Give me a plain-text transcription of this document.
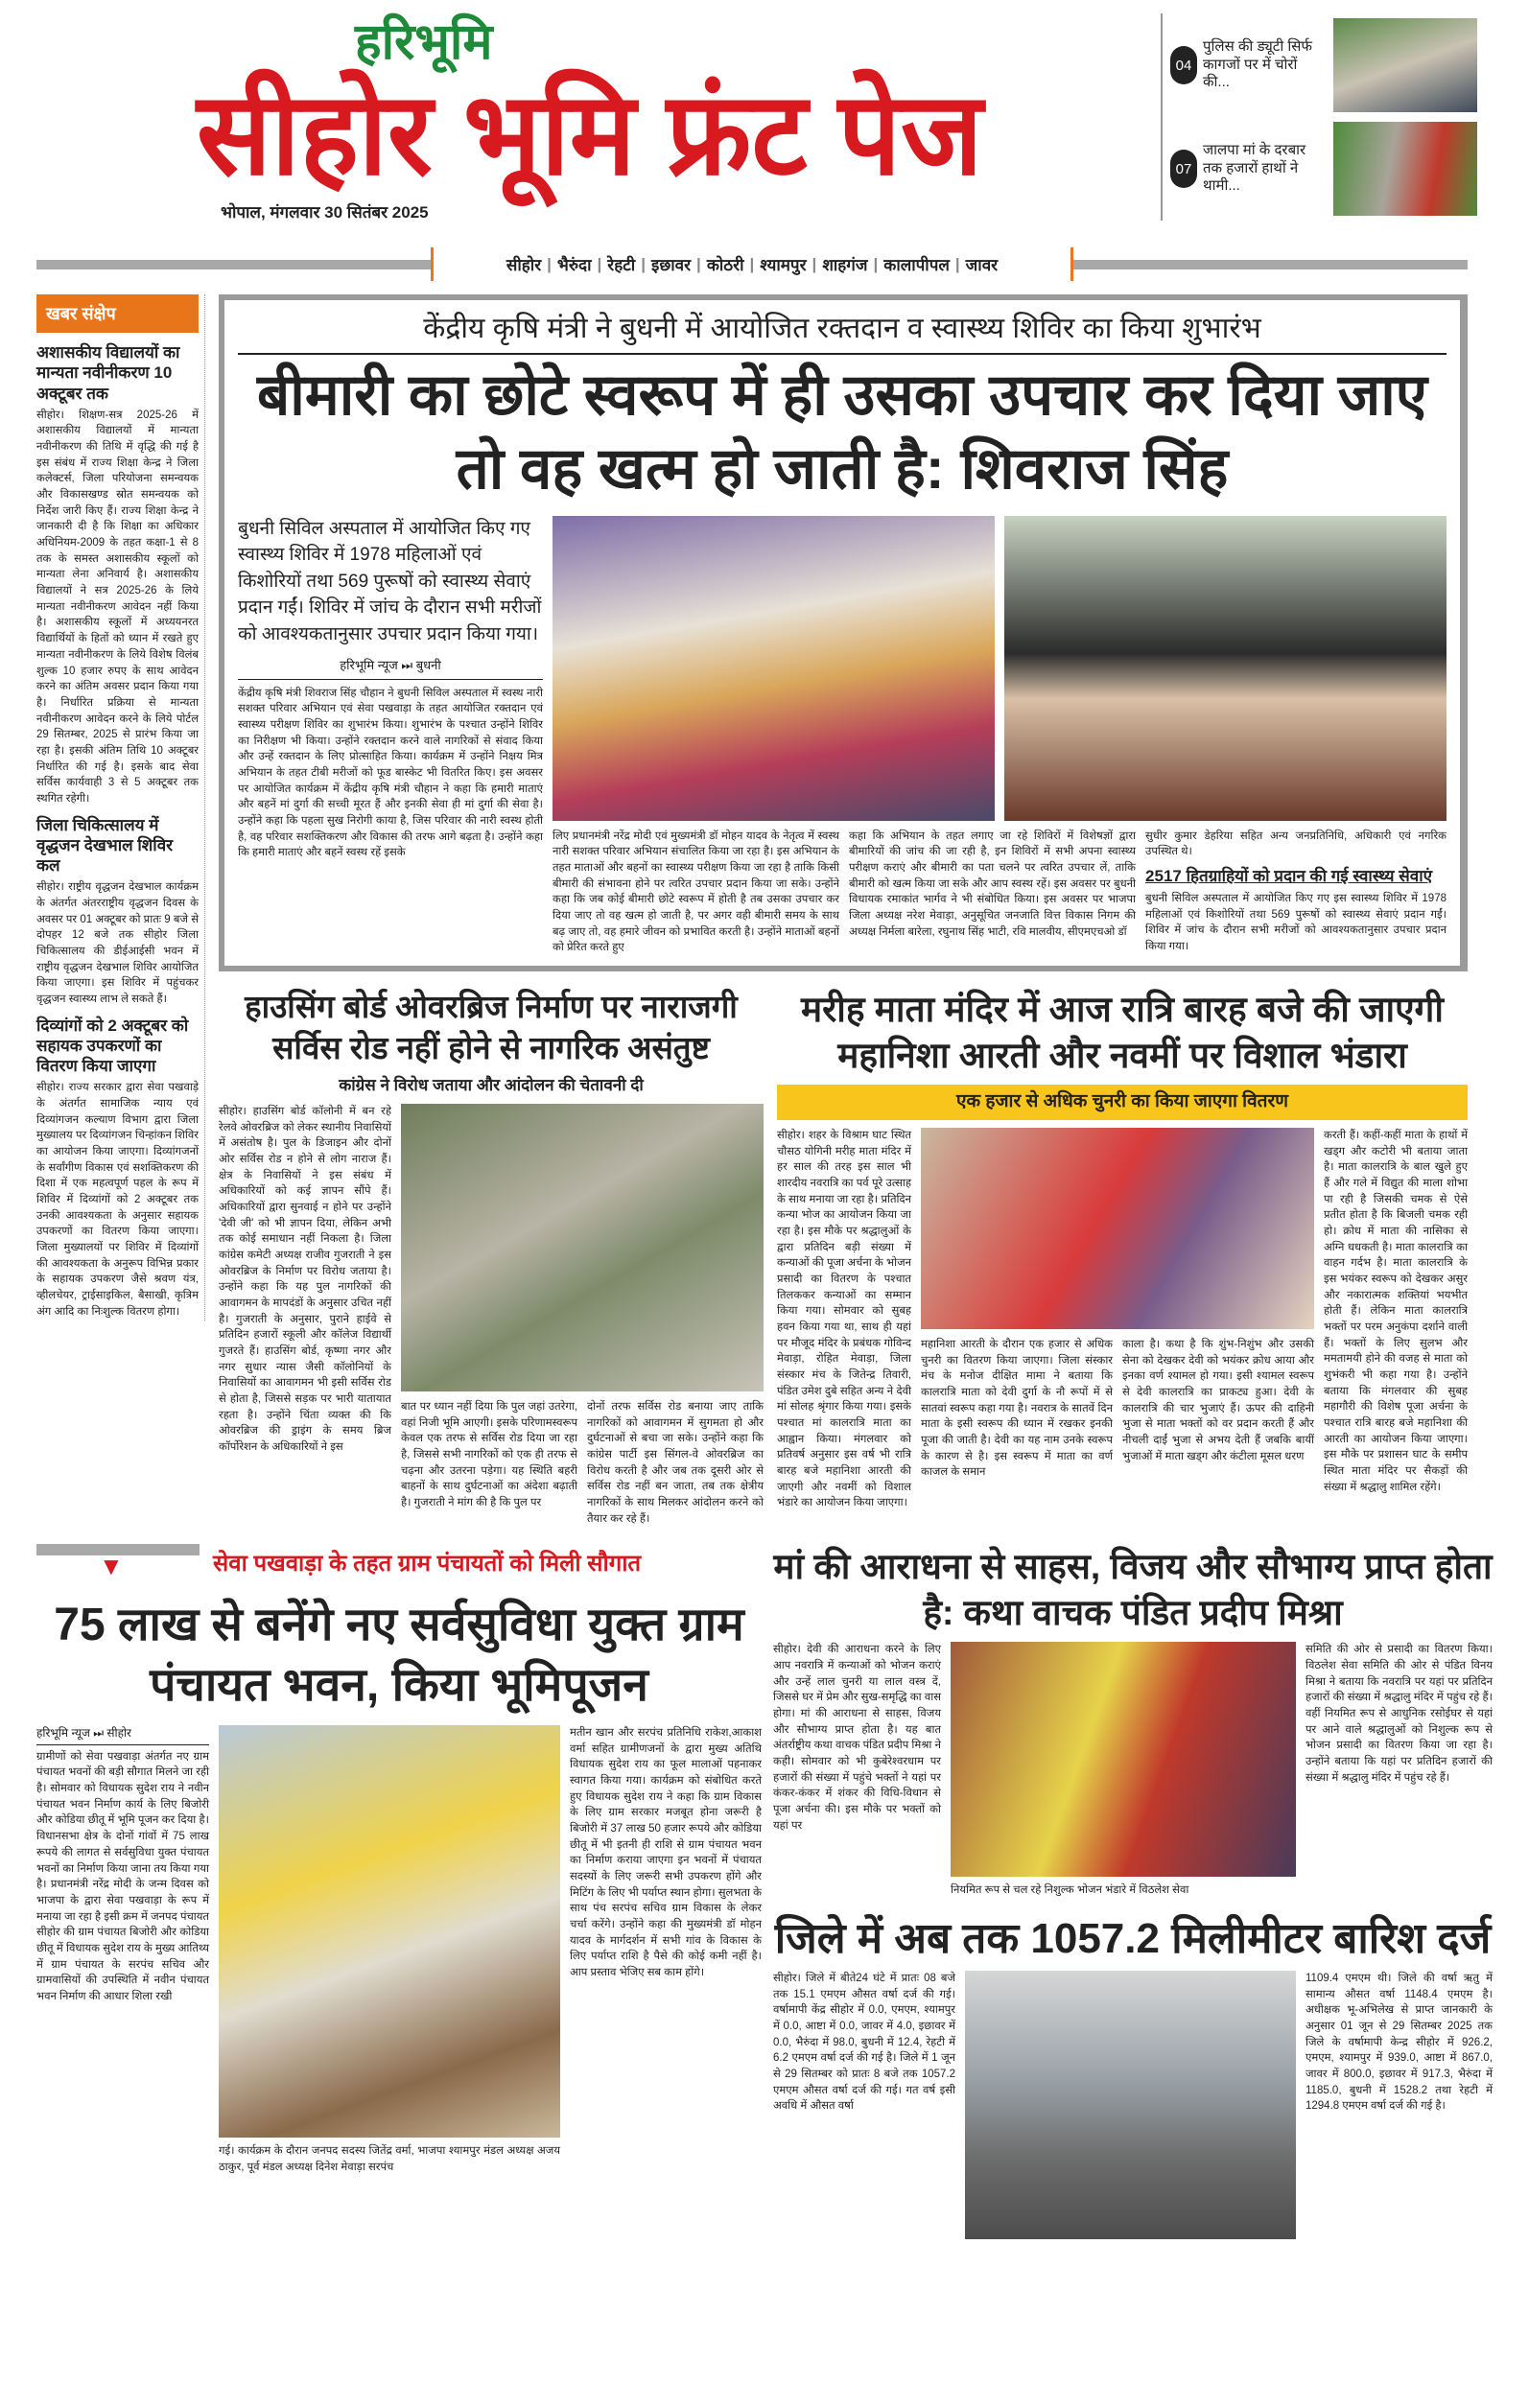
हरिभूमि
सीहोर भूमि फ्रंट पेज
भोपाल, मंगलवार 30 सितंबर 2025
04
पुलिस की ड्यूटी सिर्फ कागजों पर में चोरों की...
07
जालपा मां के दरबार तक हजारों हाथों ने थामी...
सीहोर | भैरुंदा | रेहटी | इछावर | कोठरी | श्यामपुर | शाहगंज | कालापीपल | जावर
खबर संक्षेप
अशासकीय विद्यालयों का मान्यता नवीनीकरण 10 अक्टूबर तक
सीहोर। शिक्षण-सत्र 2025-26 में अशासकीय विद्यालयों में मान्यता नवीनीकरण की तिथि में वृद्धि की गई है इस संबंध में राज्य शिक्षा केन्द्र ने जिला कलेक्टर्स, जिला परियोजना समन्वयक और विकासखण्ड स्रोत समन्वयक को निर्देश जारी किए हैं। राज्य शिक्षा केन्द्र ने जानकारी दी है कि शिक्षा का अधिकार अधिनियम-2009 के तहत कक्षा-1 से 8 तक के समस्त अशासकीय स्कूलों को मान्यता लेना अनिवार्य है। अशासकीय विद्यालयों ने सत्र 2025-26 के लिये मान्यता नवीनीकरण आवेदन नहीं किया है। अशासकीय स्कूलों में अध्ययनरत विद्यार्थियों के हितों को ध्यान में रखते हुए मान्यता नवीनीकरण के लिये विशेष विलंब शुल्क 10 हजार रुपए के साथ आवेदन करने का अंतिम अवसर प्रदान किया गया है। निर्धारित प्रक्रिया से मान्यता नवीनीकरण आवेदन करने के लिये पोर्टल 29 सितम्बर, 2025 से प्रारंभ किया जा रहा है। इसकी अंतिम तिथि 10 अक्टूबर निर्धारित की गई है। इसके बाद सेवा सर्विस कार्यवाही 3 से 5 अक्टूबर तक स्थगित रहेगी।
जिला चिकित्सालय में वृद्धजन देखभाल शिविर कल
सीहोर। राष्ट्रीय वृद्धजन देखभाल कार्यक्रम के अंतर्गत अंतरराष्ट्रीय वृद्धजन दिवस के अवसर पर 01 अक्टूबर को प्रातः 9 बजे से दोपहर 12 बजे तक सीहोर जिला चिकित्सालय की डीईआईसी भवन में राष्ट्रीय वृद्धजन देखभाल शिविर आयोजित किया जाएगा। इस शिविर में पहुंचकर वृद्धजन स्वास्थ्य लाभ ले सकते हैं।
दिव्यांगों को 2 अक्टूबर को सहायक उपकरणों का वितरण किया जाएगा
सीहोर। राज्य सरकार द्वारा सेवा पखवाड़े के अंतर्गत सामाजिक न्याय एवं दिव्यांगजन कल्याण विभाग द्वारा जिला मुख्यालय पर दिव्यांगजन चिन्हांकन शिविर का आयोजन किया जाएगा। दिव्यांगजनों के सर्वांगीण विकास एवं सशक्तिकरण की दिशा में एक महत्वपूर्ण पहल के रूप में शिविर में दिव्यांगों को 2 अक्टूबर तक उनकी आवश्यकता के अनुसार सहायक उपकरणों का वितरण किया जाएगा। जिला मुख्यालयों पर शिविर में दिव्यांगों की आवश्यकता के अनुरूप विभिन्न प्रकार के सहायक उपकरण जैसे श्रवण यंत्र, व्हीलचेयर, ट्राईसाइकिल, बैसाखी, कृत्रिम अंग आदि का निःशुल्क वितरण होगा।
केंद्रीय कृषि मंत्री ने बुधनी में आयोजित रक्तदान व स्वास्थ्य शिविर का किया शुभारंभ
बीमारी का छोटे स्वरूप में ही उसका उपचार कर दिया जाए तो वह खत्म हो जाती है: शिवराज सिंह
बुधनी सिविल अस्पताल में आयोजित किए गए स्वास्थ्य शिविर में 1978 महिलाओं एवं किशोरियों तथा 569 पुरूषों को स्वास्थ्य सेवाएं प्रदान गईं। शिविर में जांच के दौरान सभी मरीजों को आवश्यकतानुसार उपचार प्रदान किया गया।
हरिभूमि न्यूज ⏭ बुधनी
केंद्रीय कृषि मंत्री शिवराज सिंह चौहान ने बुधनी सिविल अस्पताल में स्वस्थ नारी सशक्त परिवार अभियान एवं सेवा पखवाड़ा के तहत आयोजित रक्तदान एवं स्वास्थ्य परीक्षण शिविर का शुभारंभ किया। शुभारंभ के पश्चात उन्होंने शिविर का निरीक्षण भी किया। उन्होंने रक्तदान करने वाले नागरिकों से संवाद किया और उन्हें रक्तदान के लिए प्रोत्साहित किया। कार्यक्रम में उन्होंने निक्षय मित्र अभियान के तहत टीबी मरीजों को फूड बास्केट भी वितरित किए। इस अवसर पर आयोजित कार्यक्रम में केंद्रीय कृषि मंत्री चौहान ने कहा कि हमारी माताएं और बहनें मां दुर्गा की सच्ची मूरत हैं और इनकी सेवा ही मां दुर्गा की सेवा है। उन्होंने कहा कि पहला सुख निरोगी काया है, जिस परिवार की नारी स्वस्थ होती है, वह परिवार सशक्तिकरण और विकास की तरफ आगे बढ़ता है। उन्होंने कहा कि हमारी माताएं और बहनें स्वस्थ रहें इसके
लिए प्रधानमंत्री नरेंद्र मोदी एवं मुख्यमंत्री डॉ मोहन यादव के नेतृत्व में स्वस्थ नारी सशक्त परिवार अभियान संचालित किया जा रहा है। इस अभियान के तहत माताओं और बहनों का स्वास्थ्य परीक्षण किया जा रहा है ताकि किसी बीमारी की संभावना होने पर त्वरित उपचार प्रदान किया जा सके। उन्होंने कहा कि जब कोई बीमारी छोटे स्वरूप में होती है तब उसका उपचार कर दिया जाए तो वह खत्म हो जाती है, पर अगर वही बीमारी समय के साथ बढ़ जाए तो, वह हमारे जीवन को प्रभावित करती है। उन्होंने माताओं बहनों को प्रेरित करते हुए
कहा कि अभियान के तहत लगाए जा रहे शिविरों में विशेषज्ञों द्वारा बीमारियों की जांच की जा रही है, इन शिविरों में सभी अपना स्वास्थ्य परीक्षण कराएं और बीमारी का पता चलने पर त्वरित उपचार लें, ताकि बीमारी को खत्म किया जा सके और आप स्वस्थ रहें। इस अवसर पर बुधनी विधायक रमाकांत भार्गव ने भी संबोधित किया। इस अवसर पर भाजपा जिला अध्यक्ष नरेश मेवाड़ा, अनुसूचित जनजाति वित्त विकास निगम की अध्यक्ष निर्मला बारेला, रघुनाथ सिंह भाटी, रवि मालवीय, सीएमएचओ डॉ
सुधीर कुमार डेहरिया सहित अन्य जनप्रतिनिधि, अधिकारी एवं नगरिक उपस्थित थे।
2517 हितग्राहियों को प्रदान की गई स्वास्थ्य सेवाएं
बुधनी सिविल अस्पताल में आयोजित किए गए इस स्वास्थ्य शिविर में 1978 महिलाओं एवं किशोरियों तथा 569 पुरूषों को स्वास्थ्य सेवाएं प्रदान गईं। शिविर में जांच के दौरान सभी मरीजों को आवश्यकतानुसार उपचार प्रदान किया गया।
हाउसिंग बोर्ड ओवरब्रिज निर्माण पर नाराजगी सर्विस रोड नहीं होने से नागरिक असंतुष्ट
कांग्रेस ने विरोध जताया और आंदोलन की चेतावनी दी
सीहोर। हाउसिंग बोर्ड कॉलोनी में बन रहे रेलवे ओवरब्रिज को लेकर स्थानीय निवासियों में असंतोष है। पुल के डिजाइन और दोनों ओर सर्विस रोड न होने से लोग नाराज हैं। क्षेत्र के निवासियों ने इस संबंध में अधिकारियों को कई ज्ञापन सौंपे हैं। अधिकारियों द्वारा सुनवाई न होने पर उन्होंने 'देवी जी' को भी ज्ञापन दिया, लेकिन अभी तक कोई समाधान नहीं निकला है। जिला कांग्रेस कमेटी अध्यक्ष राजीव गुजराती ने इस ओवरब्रिज के निर्माण पर विरोध जताया है। उन्होंने कहा कि यह पुल नागरिकों की आवागमन के मापदंडों के अनुसार उचित नहीं है। गुजराती के अनुसार, पुराने हाईवे से प्रतिदिन हजारों स्कूली और कॉलेज विद्यार्थी गुजरते हैं। हाउसिंग बोर्ड, कृष्णा नगर और नगर सुधार न्यास जैसी कॉलोनियों के निवासियों का आवागमन भी इसी सर्विस रोड से होता है, जिससे सड़क पर भारी यातायात रहता है। उन्होंने चिंता व्यक्त की कि ओवरब्रिज की ड्राइंग के समय ब्रिज कॉर्पोरेशन के अधिकारियों ने इस
बात पर ध्यान नहीं दिया कि पुल जहां उतरेगा, वहां निजी भूमि आएगी। इसके परिणामस्वरूप केवल एक तरफ से सर्विस रोड दिया जा रहा है, जिससे सभी नागरिकों को एक ही तरफ से चढ़ना और उतरना पड़ेगा। यह स्थिति बहरी बाहनों के साथ दुर्घटनाओं का अंदेशा बढ़ाती है। गुजराती ने मांग की है कि पुल पर
दोनों तरफ सर्विस रोड बनाया जाए ताकि नागरिकों को आवागमन में सुगमता हो और दुर्घटनाओं से बचा जा सके। उन्होंने कहा कि कांग्रेस पार्टी इस सिंगल-वे ओवरब्रिज का विरोध करती है और जब तक दूसरी ओर से सर्विस रोड नहीं बन जाता, तब तक क्षेत्रीय नागरिकों के साथ मिलकर आंदोलन करने को तैयार कर रहे हैं।
मरीह माता मंदिर में आज रात्रि बारह बजे की जाएगी महानिशा आरती और नवमीं पर विशाल भंडारा
एक हजार से अधिक चुनरी का किया जाएगा वितरण
सीहोर। शहर के विश्राम घाट स्थित चौसठ योगिनी मरीह माता मंदिर में हर साल की तरह इस साल भी शारदीय नवरात्रि का पर्व पूरे उत्साह के साथ मनाया जा रहा है। प्रतिदिन कन्या भोज का आयोजन किया जा रहा है। इस मौके पर श्रद्धालुओं के द्वारा प्रतिदिन बड़ी संख्या में कन्याओं की पूजा अर्चना के भोजन प्रसादी का वितरण के पश्चात तिलककर कन्याओं का सम्मान किया गया। सोमवार को सुबह हवन किया गया था, साथ ही यहां पर मौजूद मंदिर के प्रबंधक गोविन्द मेवाड़ा, रोहित मेवाड़ा, जिला संस्कार मंच के जितेन्द्र तिवारी, पंडित उमेश दुबे सहित अन्य ने देवी मां सोलह श्रृंगार किया गया। इसके पश्चात मां कालरात्रि माता का आह्वान किया। मंगलवार को प्रतिवर्ष अनुसार इस वर्ष भी रात्रि बारह बजे महानिशा आरती की जाएगी और नवमीं को विशाल भंडारे का आयोजन किया जाएगा।
महानिशा आरती के दौरान एक हजार से अधिक चुनरी का वितरण किया जाएगा। जिला संस्कार मंच के मनोज दीक्षित मामा ने बताया कि कालरात्रि माता को देवी दुर्गा के नौ रूपों में से सातवां स्वरूप कहा गया है। नवरात्र के सातवें दिन माता के इसी स्वरूप की ध्यान में रखकर इनकी पूजा की जाती है। देवी का यह नाम उनके स्वरूप के कारण से है। इस स्वरूप में माता का वर्ण काजल के समान
काला है। कथा है कि शुंभ-निशुंभ और उसकी सेना को देखकर देवी को भयंकर क्रोध आया और इनका वर्ण श्यामल हो गया। इसी श्यामल स्वरूप से देवी कालरात्रि का प्राकट्य हुआ। देवी के कालरात्रि की चार भुजाएं हैं। ऊपर की दाहिनी भुजा से माता भक्तों को वर प्रदान करती हैं और नीचली दाईं भुजा से अभय देती हैं जबकि बायीं भुजाओं में माता खड्ग और कंटीला मूसल धरण
करती हैं। कहीं-कहीं माता के हाथों में खड्ग और कटोरी भी बताया जाता है। माता कालरात्रि के बाल खुले हुए हैं और गले में विद्युत की माला शोभा पा रही है जिसकी चमक से ऐसे प्रतीत होता है कि बिजली चमक रही हो। क्रोध में माता की नासिका से अग्नि धधकती है। माता कालरात्रि का वाहन गर्दभ है। माता कालरात्रि के इस भयंकर स्वरूप को देखकर असुर और नकारात्मक शक्तियां भयभीत होती हैं। लेकिन माता कालरात्रि भक्तों पर परम अनुकंपा दर्शाने वाली हैं। भक्तों के लिए सुलभ और ममतामयी होने की वजह से माता को शुभंकरी भी कहा गया है। उन्होंने बताया कि मंगलवार की सुबह महागौरी की विशेष पूजा अर्चना के पश्चात रात्रि बारह बजे महानिशा की आरती का आयोजन किया जाएगा। इस मौके पर प्रशासन घाट के समीप स्थित माता मंदिर पर सैकड़ों की संख्या में श्रद्धालु शामिल रहेंगे।
▼	सेवा पखवाड़ा के तहत ग्राम पंचायतों को मिली सौगात
75 लाख से बनेंगे नए सर्वसुविधा युक्त ग्राम पंचायत भवन, किया भूमिपूजन
हरिभूमि न्यूज ⏭ सीहोर
ग्रामीणों को सेवा पखवाड़ा अंतर्गत नए ग्राम पंचायत भवनों की बड़ी सौगात मिलने जा रही है। सोमवार को विधायक सुदेश राय ने नवीन पंचायत भवन निर्माण कार्य के लिए बिजोरी और कोडिया छीतू में भूमि पूजन कर दिया है। विधानसभा क्षेत्र के दोनों गांवों में 75 लाख रूपये की लागत से सर्वसुविधा युक्त पंचायत भवनों का निर्माण किया जाना तय किया गया है। प्रधानमंत्री नरेंद्र मोदी के जन्म दिवस को भाजपा के द्वारा सेवा पखवाड़ा के रूप में मनाया जा रहा है इसी क्रम में जनपद पंचायत सीहोर की ग्राम पंचायत बिजोरी और कोडिया छीतू में विधायक सुदेश राय के मुख्य आतिथ्य में ग्राम पंचायत के सरपंच सचिव और ग्रामवासियों की उपस्थिति में नवीन पंचायत भवन निर्माण की आधार शिला रखी
गई। कार्यक्रम के दौरान जनपद सदस्य जितेंद्र वर्मा, भाजपा श्यामपुर मंडल अध्यक्ष अजय ठाकुर, पूर्व मंडल अध्यक्ष दिनेश मेवाड़ा सरपंच
मतीन खान और सरपंच प्रतिनिधि राकेश,आकाश वर्मा सहित ग्रामीणजनों के द्वारा मुख्य अतिथि विधायक सुदेश राय का फूल मालाओं पहनाकर स्वागत किया गया। कार्यक्रम को संबोधित करते हुए विधायक सुदेश राय ने कहा कि ग्राम विकास के लिए ग्राम सरकार मजबूत होना जरूरी है बिजोरी में 37 लाख 50 हजार रूपये और कोडिया छीतू में भी इतनी ही राशि से ग्राम पंचायत भवन का निर्माण कराया जाएगा इन भवनों में पंचायत सदस्यों के लिए जरूरी सभी उपकरण होंगे और मिटिंग के लिए भी पर्याप्त स्थान होगा। सुलभता के साथ पंच सरपंच सचिव ग्राम विकास के लेकर चर्चा करेंगे। उन्होंने कहा की मुख्यमंत्री डॉ मोहन यादव के मार्गदर्शन में सभी गांव के विकास के लिए पर्याप्त राशि है पैसे की कोई कमी नहीं है। आप प्रस्ताव भेजिए सब काम होंगे।
मां की आराधना से साहस, विजय और सौभाग्य प्राप्त होता है: कथा वाचक पंडित प्रदीप मिश्रा
सीहोर। देवी की आराधना करने के लिए आप नवरात्रि में कन्याओं को भोजन कराएं और उन्हें लाल चुनरी या लाल वस्त्र दें, जिससे घर में प्रेम और सुख-समृद्धि का वास होगा। मां की आराधना से साहस, विजय और सौभाग्य प्राप्त होता है। यह बात अंतर्राष्ट्रीय कथा वाचक पंडित प्रदीप मिश्रा ने कही। सोमवार को भी कुबेरेश्वरधाम पर हजारों की संख्या में पहुंचे भक्तों ने यहां पर कंकर-कंकर में शंकर की विधि-विधान से पूजा अर्चना की। इस मौके पर भक्तों को यहां पर
नियमित रूप से चल रहे निशुल्क भोजन भंडारे में विठलेश सेवा
समिति की ओर से प्रसादी का वितरण किया। विठलेश सेवा समिति की ओर से पंडित विनय मिश्रा ने बताया कि नवरात्रि पर यहां पर प्रतिदिन हजारों की संख्या में श्रद्धालु मंदिर में पहुंच रहे हैं। वहीं नियमित रूप से आधुनिक रसोईघर से यहां पर आने वाले श्रद्धालुओं को निशुल्क रूप से भोजन प्रसादी का वितरण किया जा रहा है। उन्होंने बताया कि यहां पर प्रतिदिन हजारों की संख्या में श्रद्धालु मंदिर में पहुंच रहे हैं।
जिले में अब तक 1057.2 मिलीमीटर बारिश दर्ज
सीहोर। जिले में बीते24 घंटे में प्रातः 08 बजे तक 15.1 एमएम औसत वर्षा दर्ज की गई। वर्षामापी केंद्र सीहोर में 0.0, एमएम, श्यामपुर में 0.0, आष्टा में 0.0, जावर में 4.0, इछावर में 0.0, भैरुंदा में 98.0, बुधनी में 12.4, रेहटी में 6.2 एमएम वर्षा दर्ज की गई है। जिले में 1 जून से 29 सितम्बर को प्रातः 8 बजे तक 1057.2 एमएम औसत वर्षा दर्ज की गई। गत वर्ष इसी अवधि में औसत वर्षा
1109.4 एमएम थी। जिले की वर्षा ऋतु में सामान्य औसत वर्षा 1148.4 एमएम है। अधीक्षक भू-अभिलेख से प्राप्त जानकारी के अनुसार 01 जून से 29 सितम्बर 2025 तक जिले के वर्षामापी केन्द्र सीहोर में 926.2, एमएम, श्यामपुर में 939.0, आष्टा में 867.0, जावर में 800.0, इछावर में 917.3, भैरुंदा में 1185.0, बुधनी में 1528.2 तथा रेहटी में 1294.8 एमएम वर्षा दर्ज की गई है।
